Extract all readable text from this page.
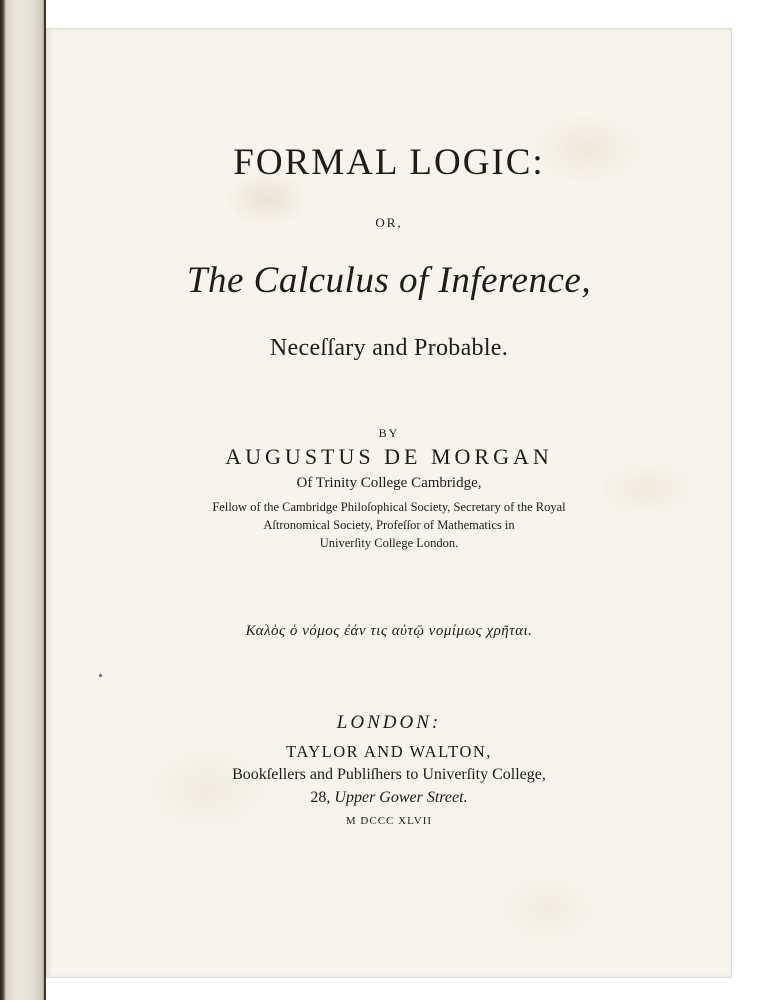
FORMAL LOGIC:
OR,
The Calculus of Inference,
Neceſſary and Probable.
BY
AUGUSTUS DE MORGAN
Of Trinity College Cambridge,
Fellow of the Cambridge Philoſophical Society, Secretary of the Royal
Aſtronomical Society, Profeſſor of Mathematics in
Univerſity College London.
Καλὸς ὁ νόμος ἐάν τις αὐτῷ νομίμως χρῆται.
LONDON:
TAYLOR AND WALTON,
Bookſellers and Publiſhers to Univerſity College,
28, Upper Gower Street.
M DCCC XLVII
